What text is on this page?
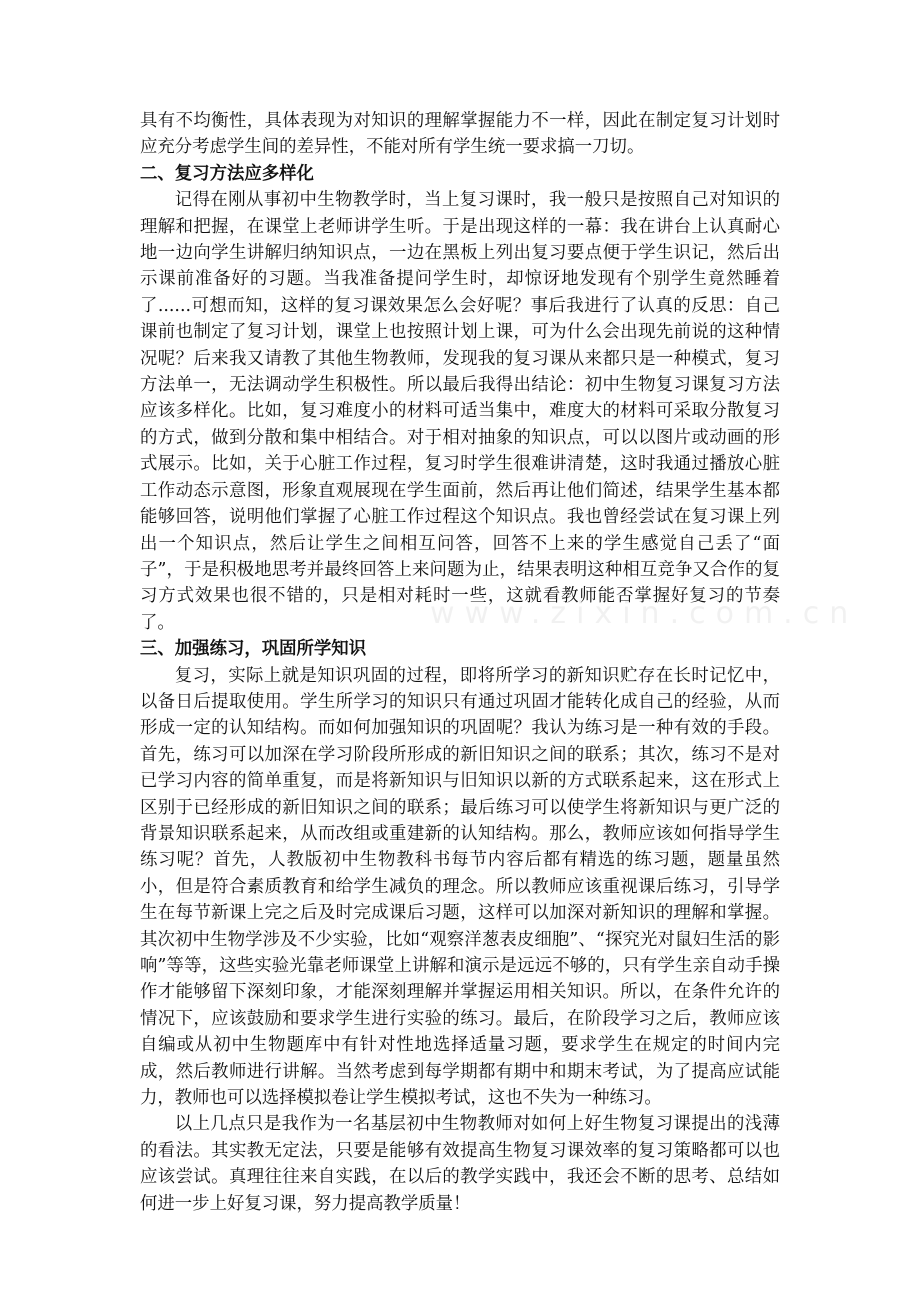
具有不均衡性，具体表现为对知识的理解掌握能力不一样，因此在制定复习计划时应充分考虑学生间的差异性，不能对所有学生统一要求搞一刀切。

二、复习方法应多样化

记得在刚从事初中生物教学时，当上复习课时，我一般只是按照自己对知识的理解和把握，在课堂上老师讲学生听。于是出现这样的一幕：我在讲台上认真耐心地一边向学生讲解归纳知识点，一边在黑板上列出复习要点便于学生识记，然后出示课前准备好的习题。当我准备提问学生时，却惊讶地发现有个别学生竟然睡着了......可想而知，这样的复习课效果怎么会好呢？事后我进行了认真的反思：自己课前也制定了复习计划，课堂上也按照计划上课，可为什么会出现先前说的这种情况呢？后来我又请教了其他生物教师，发现我的复习课从来都只是一种模式，复习方法单一，无法调动学生积极性。所以最后我得出结论：初中生物复习课复习方法应该多样化。比如，复习难度小的材料可适当集中，难度大的材料可采取分散复习的方式，做到分散和集中相结合。对于相对抽象的知识点，可以以图片或动画的形式展示。比如，关于心脏工作过程，复习时学生很难讲清楚，这时我通过播放心脏工作动态示意图，形象直观展现在学生面前，然后再让他们简述，结果学生基本都能够回答，说明他们掌握了心脏工作过程这个知识点。我也曾经尝试在复习课上列出一个知识点，然后让学生之间相互问答，回答不上来的学生感觉自己丢了“面子”，于是积极地思考并最终回答上来问题为止，结果表明这种相互竞争又合作的复习方式效果也很不错的，只是相对耗时一些，这就看教师能否掌握好复习的节奏了。

三、加强练习，巩固所学知识

复习，实际上就是知识巩固的过程，即将所学习的新知识贮存在长时记忆中，以备日后提取使用。学生所学习的知识只有通过巩固才能转化成自己的经验，从而形成一定的认知结构。而如何加强知识的巩固呢？我认为练习是一种有效的手段。首先，练习可以加深在学习阶段所形成的新旧知识之间的联系；其次，练习不是对已学习内容的简单重复，而是将新知识与旧知识以新的方式联系起来，这在形式上区别于已经形成的新旧知识之间的联系；最后练习可以使学生将新知识与更广泛的背景知识联系起来，从而改组或重建新的认知结构。那么，教师应该如何指导学生练习呢？首先，人教版初中生物教科书每节内容后都有精选的练习题，题量虽然小，但是符合素质教育和给学生减负的理念。所以教师应该重视课后练习，引导学生在每节新课上完之后及时完成课后习题，这样可以加深对新知识的理解和掌握。其次初中生物学涉及不少实验，比如“观察洋葱表皮细胞”、“探究光对鼠妇生活的影响”等等，这些实验光靠老师课堂上讲解和演示是远远不够的，只有学生亲自动手操作才能够留下深刻印象，才能深刻理解并掌握运用相关知识。所以，在条件允许的情况下，应该鼓励和要求学生进行实验的练习。最后，在阶段学习之后，教师应该自编或从初中生物题库中有针对性地选择适量习题，要求学生在规定的时间内完成，然后教师进行讲解。当然考虑到每学期都有期中和期末考试，为了提高应试能力，教师也可以选择模拟卷让学生模拟考试，这也不失为一种练习。

以上几点只是我作为一名基层初中生物教师对如何上好生物复习课提出的浅薄的看法。其实教无定法，只要是能够有效提高生物复习课效率的复习策略都可以也应该尝试。真理往往来自实践，在以后的教学实践中，我还会不断的思考、总结如何进一步上好复习课，努力提高教学质量！

www.zixin.com.cn
